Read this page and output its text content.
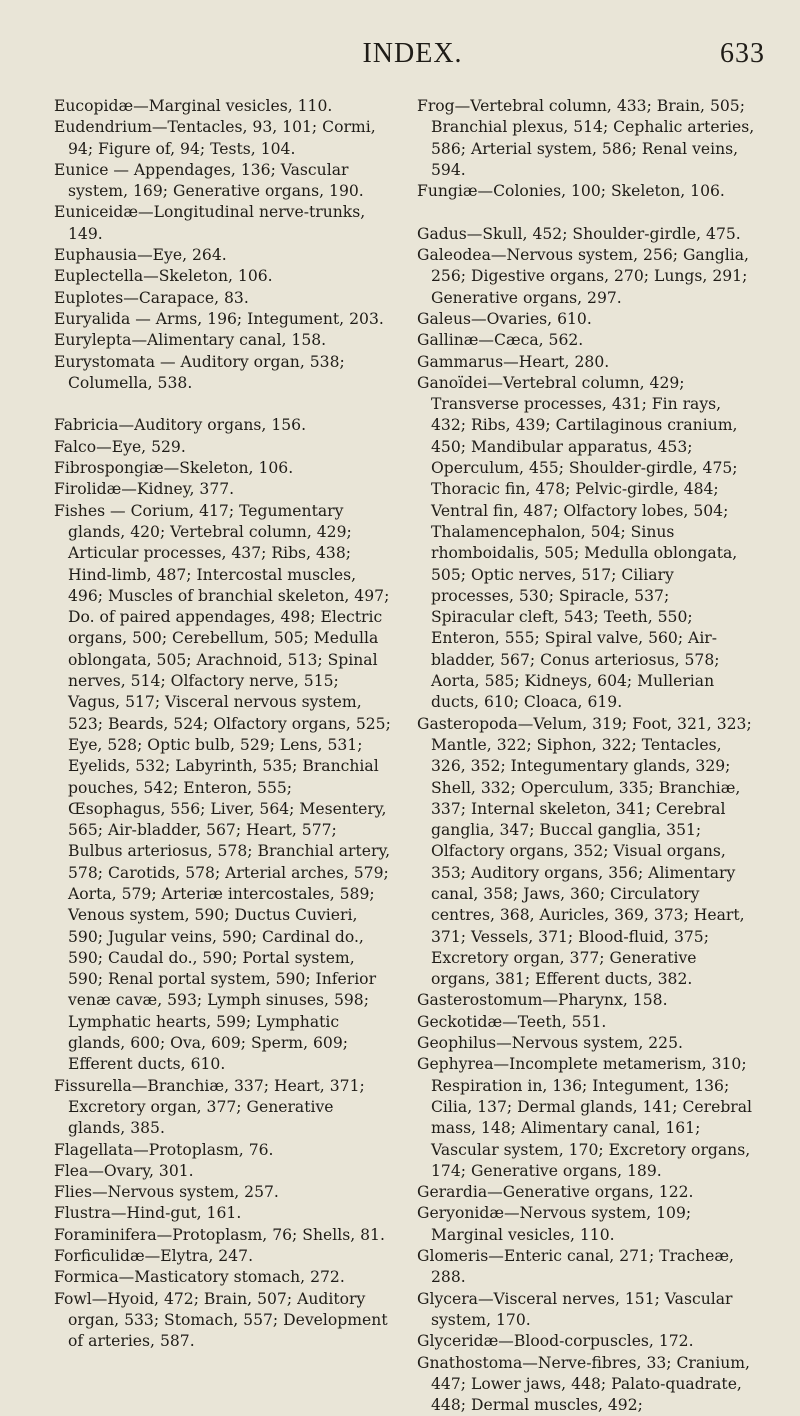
INDEX.	633

Eucopidæ—Marginal vesicles, 110.

Eudendrium—Tentacles, 93, 101; Cormi, 94; Figure of, 94; Tests, 104.

Eunice — Appendages, 136; Vascular system, 169; Generative organs, 190.

Euniceidæ—Longitudinal nerve-trunks, 149.

Euphausia—Eye, 264.

Euplectella—Skeleton, 106.

Euplotes—Carapace, 83.

Euryalida — Arms, 196; Integument, 203.

Eurylepta—Alimentary canal, 158.

Eurystomata — Auditory organ, 538; Columella, 538.

Fabricia—Auditory organs, 156.

Falco—Eye, 529.

Fibrospongiæ—Skeleton, 106.

Firolidæ—Kidney, 377.

Fishes — Corium, 417; Tegumentary glands, 420; Vertebral column, 429; Articular processes, 437; Ribs, 438; Hind-limb, 487; Intercostal muscles, 496; Muscles of branchial skeleton, 497; Do. of paired appendages, 498; Electric organs, 500; Cerebellum, 505; Medulla oblongata, 505; Arachnoid, 513; Spinal nerves, 514; Olfactory nerve, 515; Vagus, 517; Visceral nervous system, 523; Beards, 524; Olfactory organs, 525; Eye, 528; Optic bulb, 529; Lens, 531; Eyelids, 532; Labyrinth, 535; Branchial pouches, 542; Enteron, 555; Œsophagus, 556; Liver, 564; Mesentery, 565; Air-bladder, 567; Heart, 577; Bulbus arteriosus, 578; Branchial artery, 578; Carotids, 578; Arterial arches, 579; Aorta, 579; Arteriæ intercostales, 589; Venous system, 590; Ductus Cuvieri, 590; Jugular veins, 590; Cardinal do., 590; Caudal do., 590; Portal system, 590; Renal portal system, 590; Inferior venæ cavæ, 593; Lymph sinuses, 598; Lymphatic hearts, 599; Lymphatic glands, 600; Ova, 609; Sperm, 609; Efferent ducts, 610.

Fissurella—Branchiæ, 337; Heart, 371; Excretory organ, 377; Generative glands, 385.

Flagellata—Protoplasm, 76.

Flea—Ovary, 301.

Flies—Nervous system, 257.

Flustra—Hind-gut, 161.

Foraminifera—Protoplasm, 76; Shells, 81.

Forficulidæ—Elytra, 247.

Formica—Masticatory stomach, 272.

Fowl—Hyoid, 472; Brain, 507; Auditory organ, 533; Stomach, 557; Development of arteries, 587.

Frog—Vertebral column, 433; Brain, 505; Branchial plexus, 514; Cephalic arteries, 586; Arterial system, 586; Renal veins, 594.

Fungiæ—Colonies, 100; Skeleton, 106.

Gadus—Skull, 452; Shoulder-girdle, 475.

Galeodea—Nervous system, 256; Ganglia, 256; Digestive organs, 270; Lungs, 291; Generative organs, 297.

Galeus—Ovaries, 610.

Gallinæ—Cæca, 562.

Gammarus—Heart, 280.

Ganoïdei—Vertebral column, 429; Transverse processes, 431; Fin rays, 432; Ribs, 439; Cartilaginous cranium, 450; Mandibular apparatus, 453; Operculum, 455; Shoulder-girdle, 475; Thoracic fin, 478; Pelvic-girdle, 484; Ventral fin, 487; Olfactory lobes, 504; Thalamencephalon, 504; Sinus rhomboidalis, 505; Medulla oblongata, 505; Optic nerves, 517; Ciliary processes, 530; Spiracle, 537; Spiracular cleft, 543; Teeth, 550; Enteron, 555; Spiral valve, 560; Air-bladder, 567; Conus arteriosus, 578; Aorta, 585; Kidneys, 604; Mullerian ducts, 610; Cloaca, 619.

Gasteropoda—Velum, 319; Foot, 321, 323; Mantle, 322; Siphon, 322; Tentacles, 326, 352; Integumentary glands, 329; Shell, 332; Operculum, 335; Branchiæ, 337; Internal skeleton, 341; Cerebral ganglia, 347; Buccal ganglia, 351; Olfactory organs, 352; Visual organs, 353; Auditory organs, 356; Alimentary canal, 358; Jaws, 360; Circulatory centres, 368, Auricles, 369, 373; Heart, 371; Vessels, 371; Blood-fluid, 375; Excretory organ, 377; Generative organs, 381; Efferent ducts, 382.

Gasterostomum—Pharynx, 158.

Geckotidæ—Teeth, 551.

Geophilus—Nervous system, 225.

Gephyrea—Incomplete metamerism, 310; Respiration in, 136; Integument, 136; Cilia, 137; Dermal glands, 141; Cerebral mass, 148; Alimentary canal, 161; Vascular system, 170; Excretory organs, 174; Generative organs, 189.

Gerardia—Generative organs, 122.

Geryonidæ—Nervous system, 109; Marginal vesicles, 110.

Glomeris—Enteric canal, 271; Tracheæ, 288.

Glycera—Visceral nerves, 151; Vascular system, 170.

Glyceridæ—Blood-corpuscles, 172.

Gnathostoma—Nerve-fibres, 33; Cranium, 447; Lower jaws, 448; Palato-quadrate, 448; Dermal muscles, 492;
